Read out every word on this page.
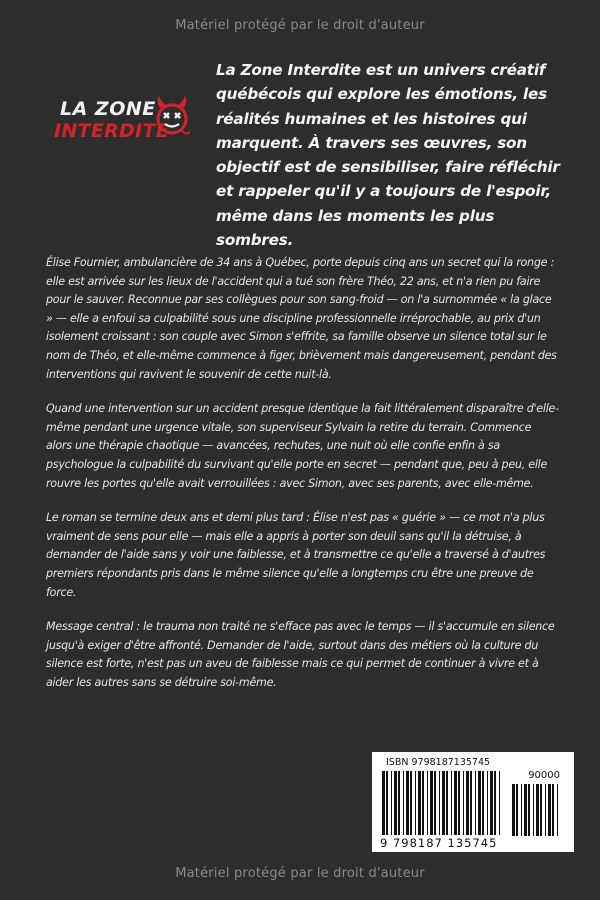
Matériel protégé par le droit d'auteur
LA ZONE
INTERDITE
La Zone Interdite est un univers créatif québécois qui explore les émotions, les réalités humaines et les histoires qui marquent. À travers ses œuvres, son objectif est de sensibiliser, faire réfléchir et rappeler qu'il y a toujours de l'espoir, même dans les moments les plus sombres.

Élise Fournier, ambulancière de 34 ans à Québec, porte depuis cinq ans un secret qui la ronge : elle est arrivée sur les lieux de l'accident qui a tué son frère Théo, 22 ans, et n'a rien pu faire pour le sauver. Reconnue par ses collègues pour son sang-froid — on l'a surnommée « la glace » — elle a enfoui sa culpabilité sous une discipline professionnelle irréprochable, au prix d'un isolement croissant : son couple avec Simon s'effrite, sa famille observe un silence total sur le nom de Théo, et elle-même commence à figer, brièvement mais dangereusement, pendant des interventions qui ravivent le souvenir de cette nuit-là.

Quand une intervention sur un accident presque identique la fait littéralement disparaître d'elle-même pendant une urgence vitale, son superviseur Sylvain la retire du terrain. Commence alors une thérapie chaotique — avancées, rechutes, une nuit où elle confie enfin à sa psychologue la culpabilité du survivant qu'elle porte en secret — pendant que, peu à peu, elle rouvre les portes qu'elle avait verrouillées : avec Simon, avec ses parents, avec elle-même.

Le roman se termine deux ans et demi plus tard : Élise n'est pas « guérie » — ce mot n'a plus vraiment de sens pour elle — mais elle a appris à porter son deuil sans qu'il la détruise, à demander de l'aide sans y voir une faiblesse, et à transmettre ce qu'elle a traversé à d'autres premiers répondants pris dans le même silence qu'elle a longtemps cru être une preuve de force.

Message central : le trauma non traité ne s'efface pas avec le temps — il s'accumule en silence jusqu'à exiger d'être affronté. Demander de l'aide, surtout dans des métiers où la culture du silence est forte, n'est pas un aveu de faiblesse mais ce qui permet de continuer à vivre et à aider les autres sans se détruire soi-même.

ISBN 9798187135745
90000
9 798187 135745
Matériel protégé par le droit d'auteur
